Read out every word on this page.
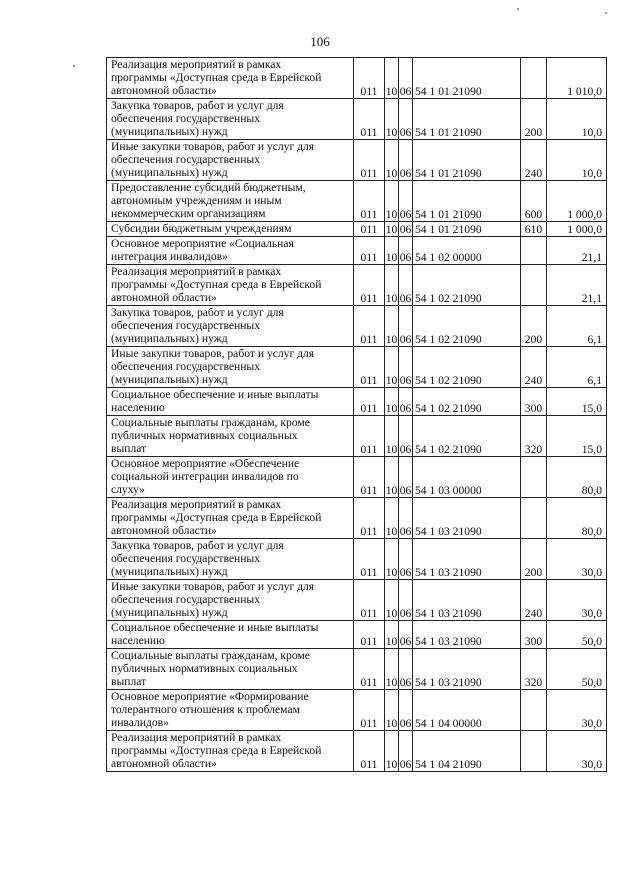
106
Реализация мероприятий в рамках
программы «Доступная среда в Еврейской
автономной области»	011	10	06	54 1 01 21090		1 010,0

Закупка товаров, работ и услуг для
обеспечения государственных
(муниципальных) нужд	011	10	06	54 1 01 21090	200	10,0

Иные закупки товаров, работ и услуг для
обеспечения государственных
(муниципальных) нужд	011	10	06	54 1 01 21090	240	10,0

Предоставление субсидий бюджетным,
автономным учреждениям и иным
некоммерческим организациям	011	10	06	54 1 01 21090	600	1 000,0

Субсидии бюджетным учреждениям	011	10	06	54 1 01 21090	610	1 000,0

Основное мероприятие «Социальная
интеграция инвалидов»	011	10	06	54 1 02 00000		21,1

Реализация мероприятий в рамках
программы «Доступная среда в Еврейской
автономной области»	011	10	06	54 1 02 21090		21,1

Закупка товаров, работ и услуг для
обеспечения государственных
(муниципальных) нужд	011	10	06	54 1 02 21090	200	6,1

Иные закупки товаров, работ и услуг для
обеспечения государственных
(муниципальных) нужд	011	10	06	54 1 02 21090	240	6,1

Социальное обеспечение и иные выплаты
населению	011	10	06	54 1 02 21090	300	15,0

Социальные выплаты гражданам, кроме
публичных нормативных социальных
выплат	011	10	06	54 1 02 21090	320	15,0

Основное мероприятие «Обеспечение
социальной интеграции инвалидов по
слуху»	011	10	06	54 1 03 00000		80,0

Реализация мероприятий в рамках
программы «Доступная среда в Еврейской
автономной области»	011	10	06	54 1 03 21090		80,0

Закупка товаров, работ и услуг для
обеспечения государственных
(муниципальных) нужд	011	10	06	54 1 03 21090	200	30,0

Иные закупки товаров, работ и услуг для
обеспечения государственных
(муниципальных) нужд	011	10	06	54 1 03 21090	240	30,0

Социальное обеспечение и иные выплаты
населению	011	10	06	54 1 03 21090	300	50,0

Социальные выплаты гражданам, кроме
публичных нормативных социальных
выплат	011	10	06	54 1 03 21090	320	50,0

Основное мероприятие «Формирование
толерантного отношения к проблемам
инвалидов»	011	10	06	54 1 04 00000		30,0

Реализация мероприятий в рамках
программы «Доступная среда в Еврейской
автономной области»	011	10	06	54 1 04 21090		30,0
